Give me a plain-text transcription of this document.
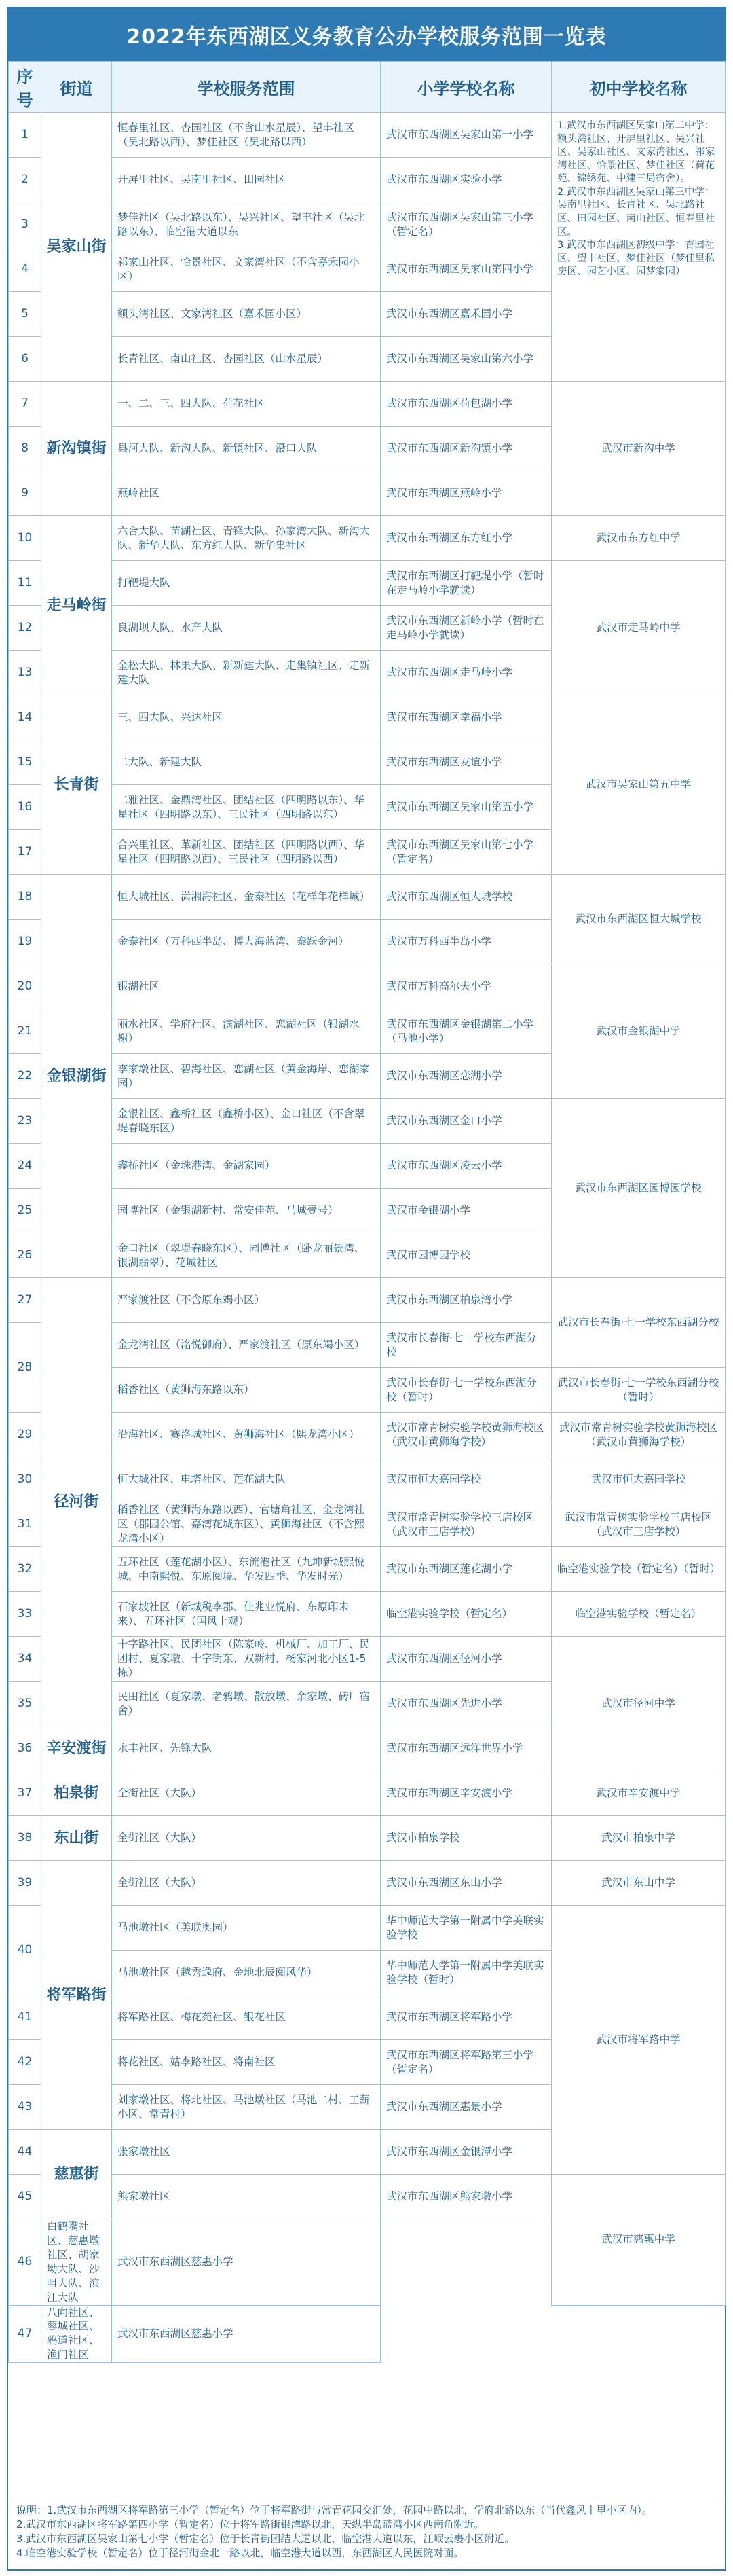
2022年东西湖区义务教育公办学校服务范围一览表
序号	街道	学校服务范围	小学学校名称	初中学校名称
1	吴家山街	恒春里社区、杏园社区（不含山水星辰）、望丰社区（吴北路以西）、梦佳社区（吴北路以西）	武汉市东西湖区吴家山第一小学	1.武汉市东西湖区吴家山第二中学：额头湾社区、开屏里社区、吴兴社区、吴家山社区、文家湾社区、祁家湾社区、恰景社区、梦佳社区（荷花苑、锦绣苑、中建三局宿舍）。
2.武汉市东西湖区吴家山第三中学：吴南里社区、长青社区、吴北路社区、田园社区、南山社区、恒春里社区。
3.武汉市东西湖区初级中学：杏园社区、望丰社区、梦佳社区（梦佳里私房区、园艺小区、园梦家园）
2		开屏里社区、吴南里社区、田园社区	武汉市东西湖区实验小学	
3		梦佳社区（吴北路以东）、吴兴社区、望丰社区（吴北路以东）、临空港大道以东	武汉市东西湖区吴家山第三小学（暂定名）	
4		祁家山社区、恰景社区、文家湾社区（不含嘉禾园小区）	武汉市东西湖区吴家山第四小学	
5		额头湾社区、文家湾社区（嘉禾园小区）	武汉市东西湖区嘉禾园小学	
6		长青社区、南山社区、杏园社区（山水星辰）	武汉市东西湖区吴家山第六小学	
7	新沟镇街	一、二、三、四大队、荷花社区	武汉市东西湖区荷包湖小学	武汉市新沟中学
8		县河大队、新沟大队、新镇社区、滠口大队	武汉市东西湖区新沟镇小学	
9		燕岭社区	武汉市东西湖区燕岭小学	
10	走马岭街	六合大队、苗湖社区、青锋大队、孙家湾大队、新沟大队、新华大队、东方红大队、新华集社区	武汉市东西湖区东方红小学	武汉市东方红中学
11		打靶堤大队	武汉市东西湖区打靶堤小学（暂时在走马岭小学就读）	武汉市走马岭中学
12		良湖坝大队、水产大队	武汉市东西湖区新岭小学（暂时在走马岭小学就读）	
13		金松大队、林果大队、新新建大队、走集镇社区、走新建大队	武汉市东西湖区走马岭小学	
14	长青街	三、四大队、兴达社区	武汉市东西湖区幸福小学	武汉市吴家山第五中学
15		二大队、新建大队	武汉市东西湖区友谊小学	
16		二雅社区、金鼎湾社区、团结社区（四明路以东）、华星社区（四明路以东）、三民社区（四明路以东）	武汉市东西湖区吴家山第五小学	
17		合兴里社区、革新社区、团结社区（四明路以西）、华星社区（四明路以西）、三民社区（四明路以西）	武汉市东西湖区吴家山第七小学（暂定名）	
18	金银湖街	恒大城社区、潇湘海社区、金泰社区（花样年花样城）	武汉市东西湖区恒大城学校	武汉市东西湖区恒大城学校
19		金泰社区（万科西半岛、博大海蓝湾、泰跃金河）	武汉市万科西半岛小学	
20		银湖社区	武汉市万科高尔夫小学	武汉市金银湖中学
21		丽水社区、学府社区、滨湖社区、恋湖社区（银湖水榭）	武汉市东西湖区金银湖第二小学（马池小学）	
22		李家墩社区、碧海社区、恋湖社区（黄金海岸、恋湖家园）	武汉市东西湖区恋湖小学	
23		金银社区、鑫桥社区（鑫桥小区）、金口社区（不含翠堤春晓东区）	武汉市东西湖区金口小学	武汉市东西湖区园博园学校
24		鑫桥社区（金珠港湾、金湖家园）	武汉市东西湖区凌云小学	
25		园博社区（金银湖新村、常安佳苑、马城壹号）	武汉市金银湖小学	
26		金口社区（翠堤春晓东区）、园博社区（卧龙丽景湾、银湖翡翠）、花城社区	武汉市园博园学校	
27	径河街	严家渡社区（不含原东竭小区）	武汉市东西湖区柏泉湾小学	武汉市长春街·七一学校东西湖分校
28		金龙湾社区（洺悦御府）、严家渡社区（原东竭小区）	武汉市长春街·七一学校东西湖分校	
		稻香社区（黄狮海东路以东）	武汉市长春街·七一学校东西湖分校（暂时）	武汉市长春街·七一学校东西湖分校（暂时）
29		沿海社区、赛洛城社区、黄狮海社区（熙龙湾小区）	武汉市常青树实验学校黄狮海校区（武汉市黄狮海学校）	武汉市常青树实验学校黄狮海校区（武汉市黄狮海学校）
30		恒大城社区、电塔社区、莲花湖大队	武汉市恒大嘉园学校	武汉市恒大嘉园学校
31		稻香社区（黄狮海东路以西）、官塘角社区、金龙湾社区（郡园公馆、嘉湾花城东区）、黄狮海社区（不含熙龙湾小区）	武汉市常青树实验学校三店校区（武汉市三店学校）	武汉市常青树实验学校三店校区（武汉市三店学校）
32		五环社区（莲花湖小区）、东流港社区（九坤新城熙悦城、中南熙悦、东原阅境、华发四季、华发时光）	武汉市东西湖区莲花湖小学	临空港实验学校（暂定名）（暂时）
33		石家坡社区（新城税李郡、佳兆业悦府、东原印未来）、五环社区（国风上观）	临空港实验学校（暂定名）	临空港实验学校（暂定名）
34		十字路社区、民团社区（陈家岭、机械厂、加工厂、民团村、夏家墩、十字街东、双新村、杨家河北小区1-5栋）	武汉市东西湖区径河小学	武汉市径河中学
35		民田社区（夏家墩、老鸦墩、散放墩、余家墩、砖厂宿舍）	武汉市东西湖区先进小学	
36	辛安渡街	永丰社区、先锋大队	武汉市东西湖区远洋世界小学	
37	柏泉街	全街社区（大队）	武汉市东西湖区辛安渡小学	武汉市辛安渡中学
38	东山街	全街社区（大队）	武汉市柏泉学校	武汉市柏泉中学
39	将军路街	全街社区（大队）	武汉市东西湖区东山小学	武汉市东山中学
40		马池墩社区（美联奥园）	华中师范大学第一附属中学美联实验学校	武汉市将军路中学
		马池墩社区（越秀逸府、金地北辰阅风华）	华中师范大学第一附属中学美联实验学校（暂时）	
41		将军路社区、梅花苑社区、银花社区	武汉市东西湖区将军路小学	
42		将花社区、姑李路社区、将南社区	武汉市东西湖区将军路第三小学（暂定名）	
43		刘家墩社区、将北社区、马池墩社区（马池二村、工薪小区、常青村）	武汉市东西湖区惠景小学	
44	慈惠街	张家墩社区	武汉市东西湖区金银潭小学	
45		熊家墩社区	武汉市东西湖区熊家墩小学	武汉市慈惠中学
46	白鹤嘴社区、慈惠墩社区、胡家坳大队、沙咀大队、滨江大队	武汉市东西湖区慈惠小学		
47	八向社区、蓉城社区、鸦道社区、渔门社区	武汉市东西湖区慈惠小学		
说明：1.武汉市东西湖区将军路第三小学（暂定名）位于将军路街与常青花园交汇处，花园中路以北，学府北路以东（当代鑫风十里小区内）。
2.武汉市东西湖区将军路第四小学（暂定名）位于将军路街银潭路以北，天纵半岛蓝湾小区西南角附近。
3.武汉市东西湖区吴家山第七小学（暂定名）位于长青街团结大道以北，临空港大道以东，江岷云裹小区附近。
4.临空港实验学校（暂定名）位于径河街金北一路以北，临空港大道以西，东西湖区人民医院对面。
